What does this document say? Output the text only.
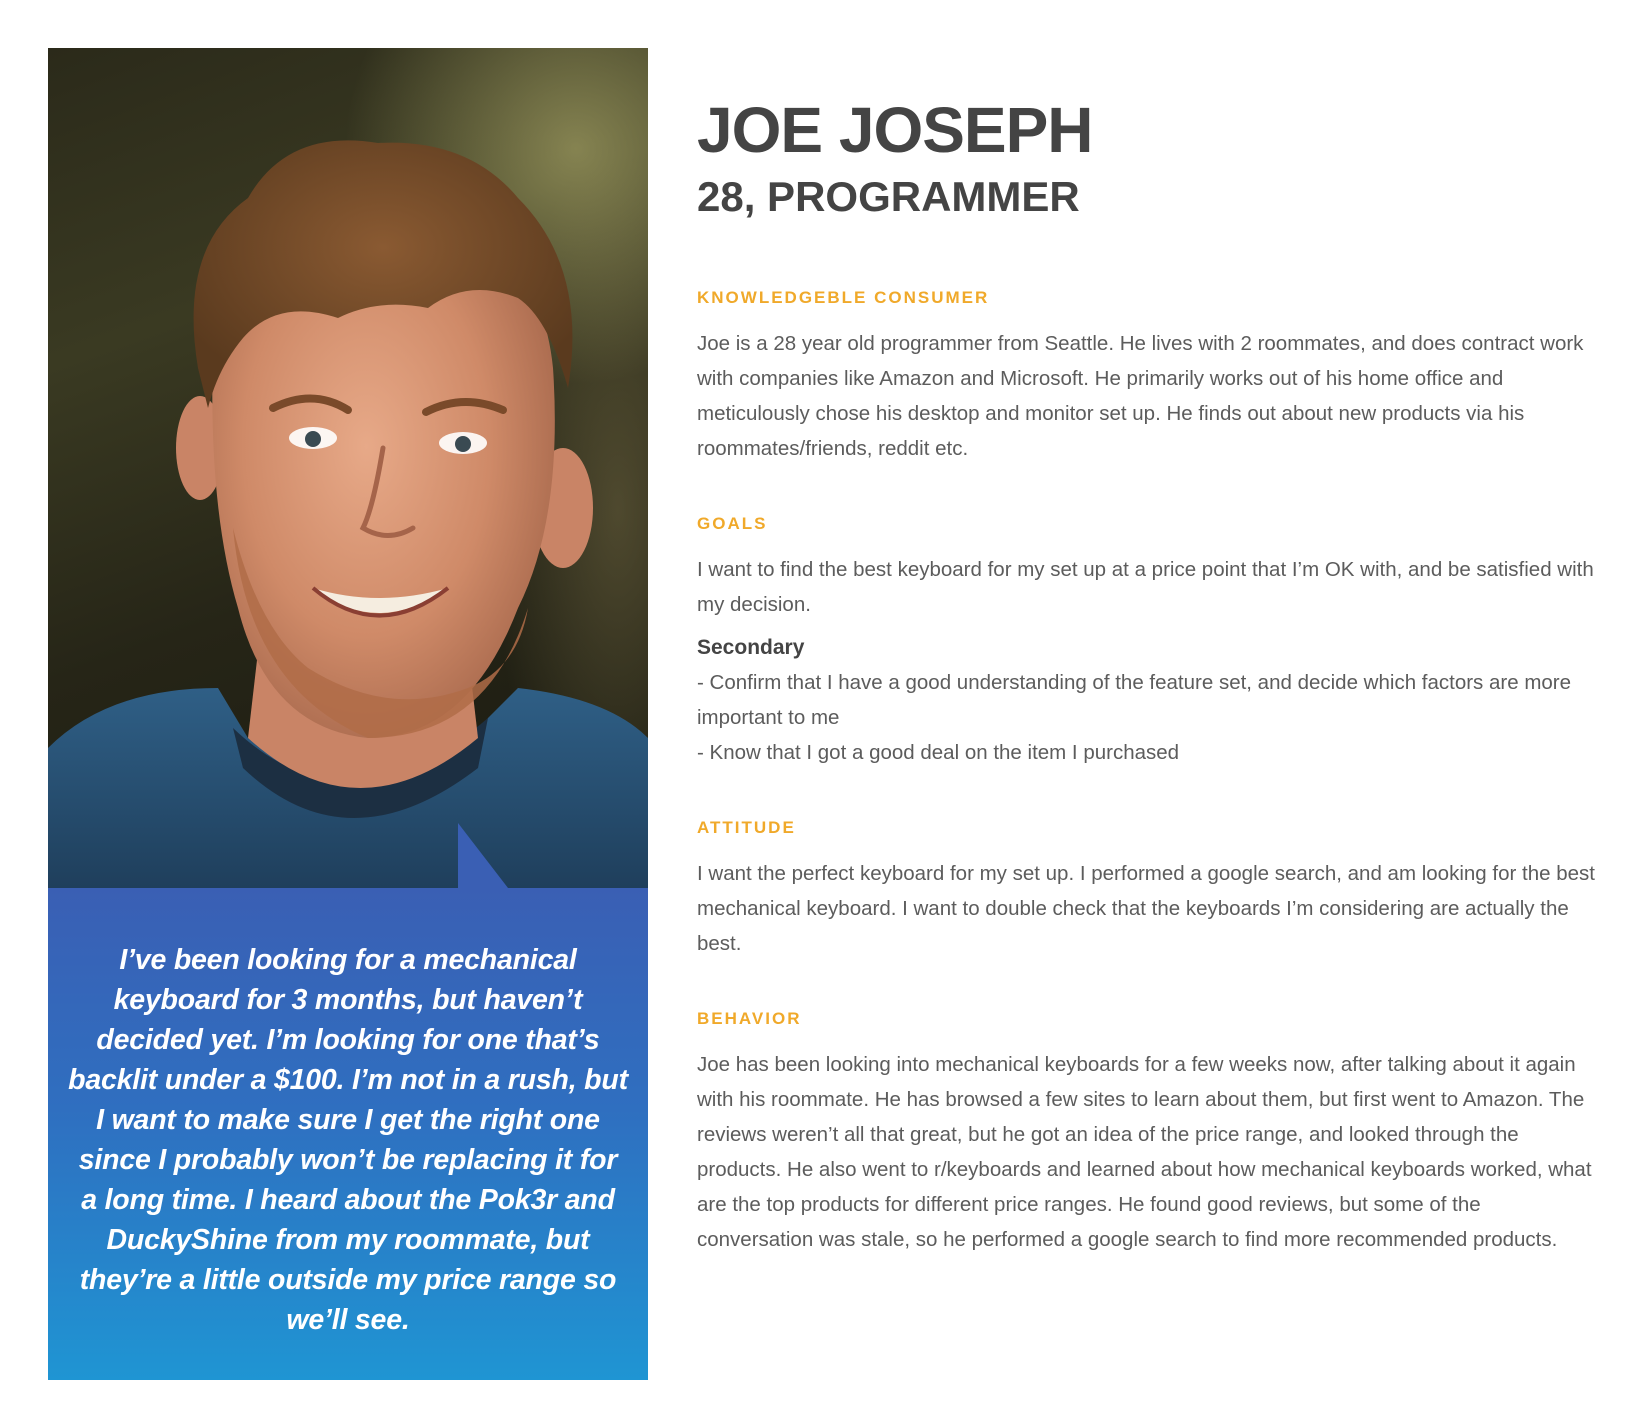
I’ve been looking for a mechanical keyboard for 3 months, but haven’t decided yet. I’m looking for one that’s backlit under a $100. I’m not in a rush, but I want to make sure I get the right one since I probably won’t be replacing it for a long time. I heard about the Pok3r and DuckyShine from my roommate, but they’re a little outside my price range so we’ll see.

JOE JOSEPH
28, PROGRAMMER
KNOWLEDGEBLE CONSUMER

Joe is a 28 year old programmer from Seattle. He lives with 2 roommates, and does contract work with companies like Amazon and Microsoft. He primarily works out of his home office and meticulously chose his desktop and monitor set up. He finds out about new products via his roommates/friends, reddit etc.

GOALS

I want to find the best keyboard for my set up at a price point that I’m OK with, and be satisfied with my decision.

Secondary

- Confirm that I have a good understanding of the feature set, and decide which factors are more important to me

- Know that I got a good deal on the item I purchased

ATTITUDE

I want the perfect keyboard for my set up. I performed a google search, and am looking for the best mechanical keyboard. I want to double check that the keyboards I’m considering are actually the best.

BEHAVIOR

Joe has been looking into mechanical keyboards for a few weeks now, after talking about it again with his roommate. He has browsed a few sites to learn about them, but first went to Amazon. The reviews weren’t all that great, but he got an idea of the price range, and looked through the products. He also went to r/keyboards and learned about how mechanical keyboards worked, what are the top products for different price ranges. He found good reviews, but some of the conversation was stale, so he performed a google search to find more recommended products.
